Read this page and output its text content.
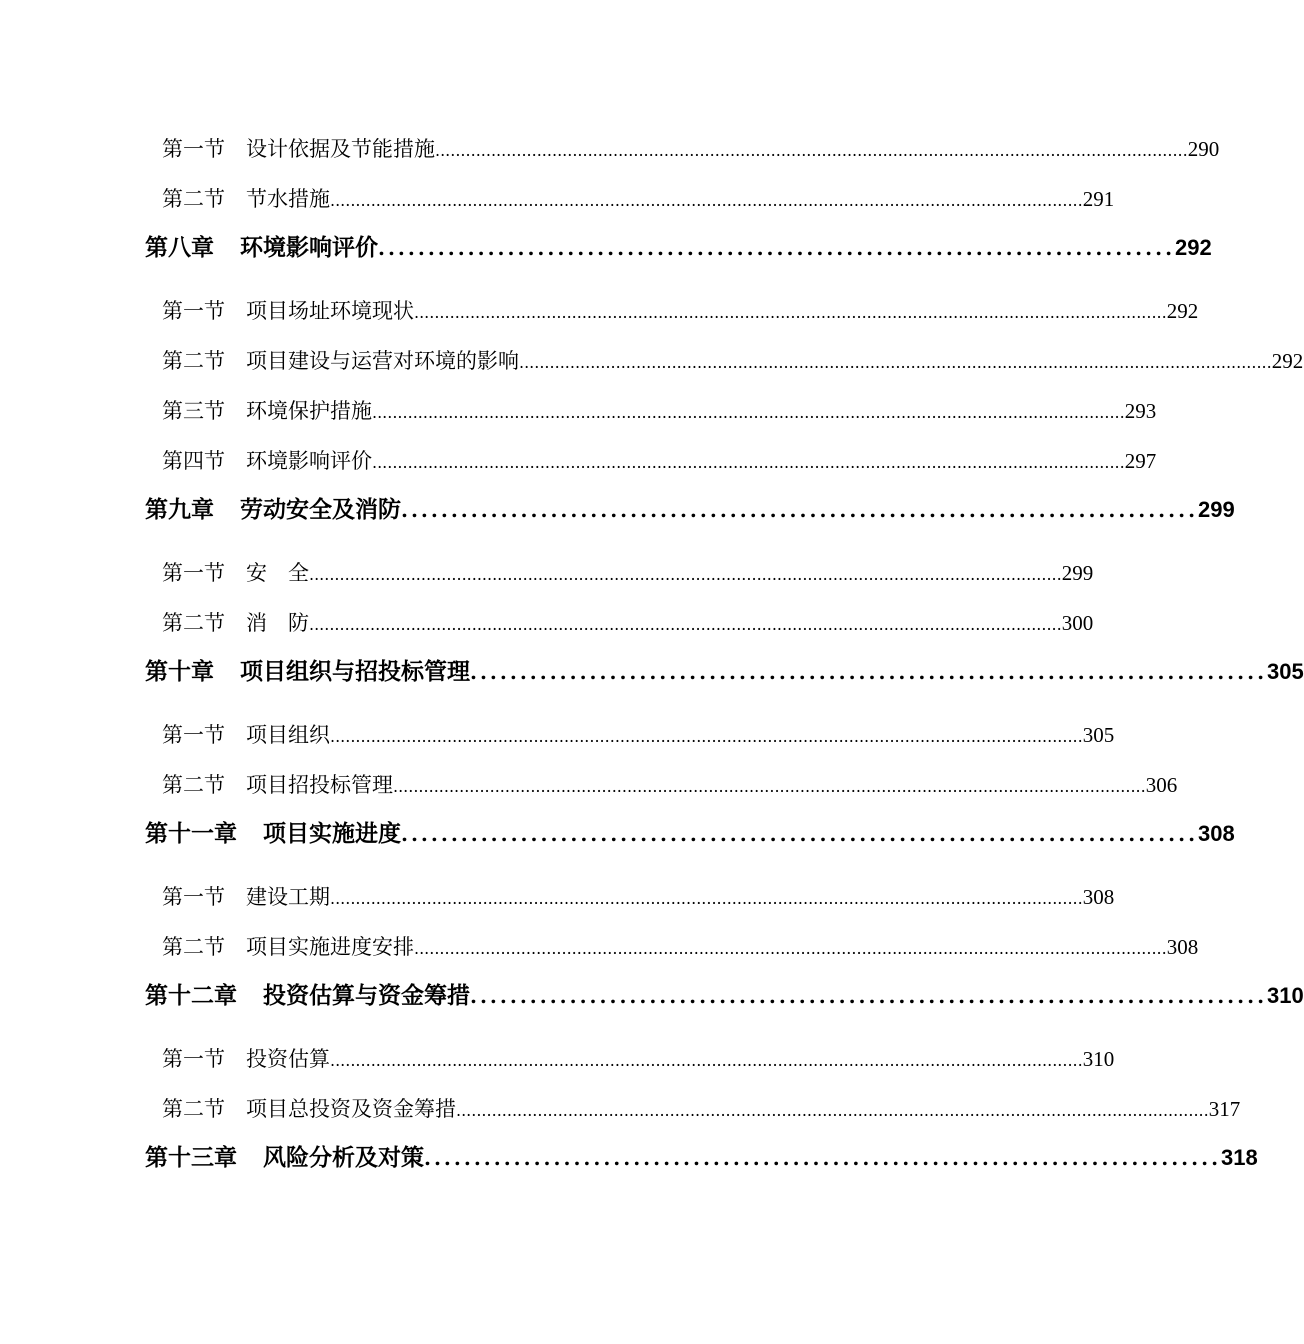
第一节 设计依据及节能措施 .................................................................................................................................................... 290
第二节 节水措施 .................................................................................................................................................... 291
第八章 环境影响评价 ................................................................................ 292
第一节 项目场址环境现状 .................................................................................................................................................... 292
第二节 项目建设与运营对环境的影响 .................................................................................................................................................... 292
第三节 环境保护措施 .................................................................................................................................................... 293
第四节 环境影响评价 .................................................................................................................................................... 297
第九章 劳动安全及消防 ................................................................................ 299
第一节 安　全 .................................................................................................................................................... 299
第二节 消　防 .................................................................................................................................................... 300
第十章 项目组织与招投标管理 ................................................................................ 305
第一节 项目组织 .................................................................................................................................................... 305
第二节 项目招投标管理 .................................................................................................................................................... 306
第十一章 项目实施进度 ................................................................................ 308
第一节 建设工期 .................................................................................................................................................... 308
第二节 项目实施进度安排 .................................................................................................................................................... 308
第十二章 投资估算与资金筹措 ................................................................................ 310
第一节 投资估算 .................................................................................................................................................... 310
第二节 项目总投资及资金筹措 .................................................................................................................................................... 317
第十三章 风险分析及对策 ................................................................................ 318
